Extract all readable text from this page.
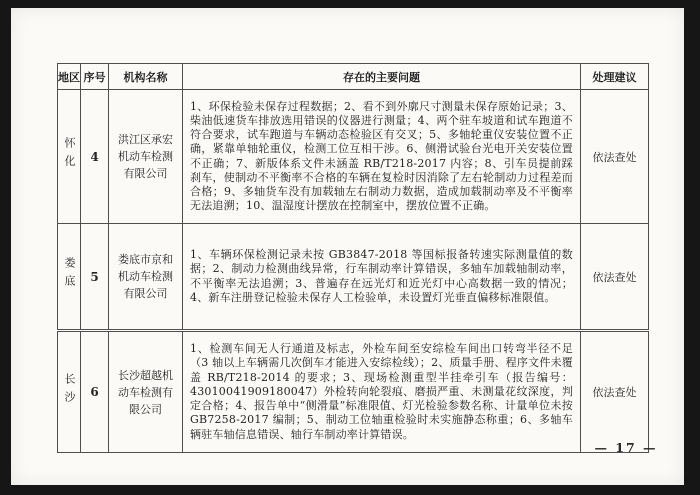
地区	序号	机构名称	存在的主要问题	处理建议
怀化	4	洪江区承宏机动车检测有限公司	1、环保检验未保存过程数据；2、看不到外廓尺寸测量未保存原始记录；3、柴油低速货车排放选用错误的仪器进行测量；4、两个驻车坡道和试车跑道不符合要求，试车跑道与车辆动态检验区有交叉；5、多轴轮重仪安装位置不正确，紧靠单轴轮重仪，检测工位互相干涉。6、侧滑试验台光电开关安装位置不正确；7、新版体系文件未涵盖 RB/T218-2017 内容；8、引车员提前踩刹车，使制动不平衡率不合格的车辆在复检时因消除了左右轮制动力过程差而合格；9、多轴货车没有加载轴左右制动力数据，造成加载制动率及不平衡率无法追溯；10、温湿度计摆放在控制室中，摆放位置不正确。	依法查处
娄底	5	娄底市京和机动车检测有限公司	1、车辆环保检测记录未按 GB3847-2018 等国标报备转速实际测量值的数据；2、制动力检测曲线异常，行车制动率计算错误，多轴车加载轴制动率，不平衡率无法追溯；3、普遍存在远光灯和近光灯中心高数据一致的情况；4、新车注册登记检验未保存人工检验单，未设置灯光垂直偏移标准限值。	依法查处
长沙	6	长沙超越机动车检测有限公司	1、检测车间无人行通道及标志，外检车间至安综检车间出口转弯半径不足（3 轴以上车辆需几次倒车才能进入安综检线）；2、质量手册、程序文件未覆盖 RB/T218-2014 的要求；3、现场检测重型半挂牵引车（报告编号：43010041909180047）外检转向轮裂痕、磨损严重、未测量花纹深度，判定合格；4、报告单中“侧滑量”标准限值、灯光检验参数名称、计量单位未按 GB7258-2017 编制；5、制动工位轴重检验时未实施静态称重；6、多轴车辆驻车轴信息错误、轴行车制动率计算错误。	依法查处
— 17 —
